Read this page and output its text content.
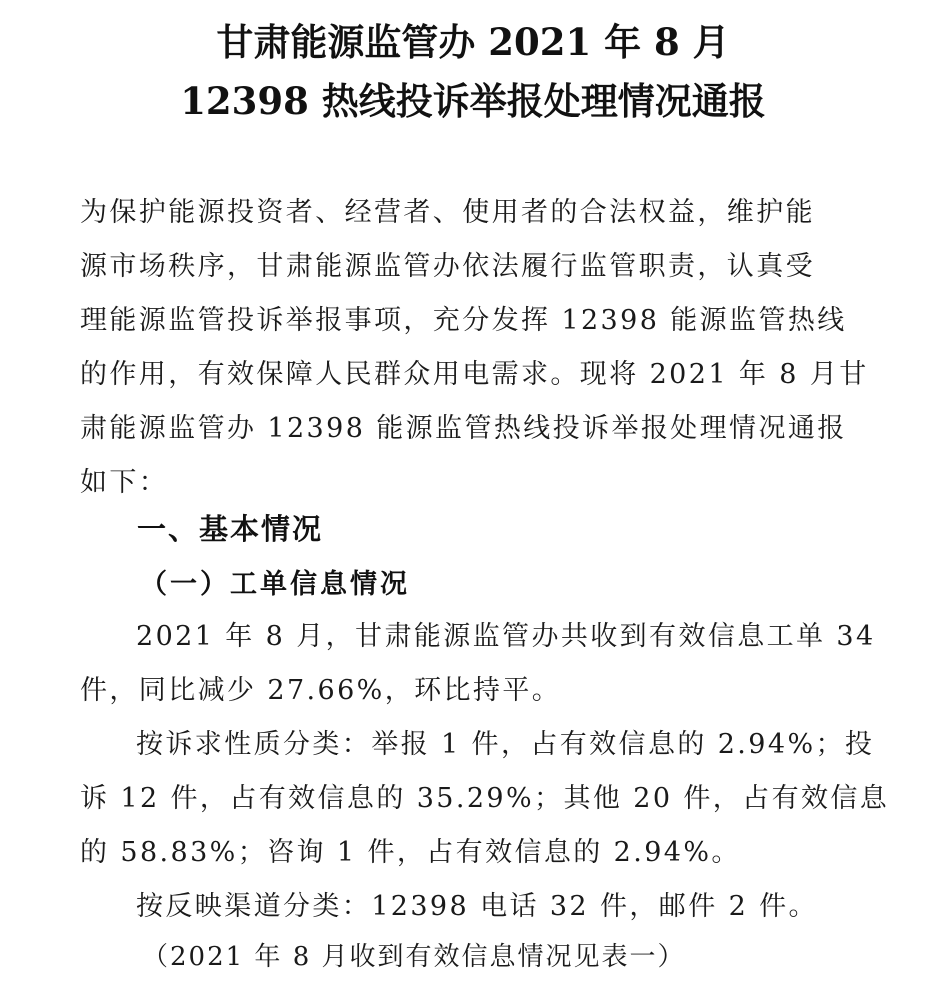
甘肃能源监管办 2021 年 8 月
12398 热线投诉举报处理情况通报
为保护能源投资者、经营者、使用者的合法权益，维护能
源市场秩序，甘肃能源监管办依法履行监管职责，认真受
理能源监管投诉举报事项，充分发挥 12398 能源监管热线
的作用，有效保障人民群众用电需求。现将 2021 年 8 月甘
肃能源监管办 12398 能源监管热线投诉举报处理情况通报
如下：
一、基本情况
（一）工单信息情况
2021 年 8 月，甘肃能源监管办共收到有效信息工单 34
件，同比减少 27.66%，环比持平。
按诉求性质分类：举报 1 件，占有效信息的 2.94%；投
诉 12 件，占有效信息的 35.29%；其他 20 件，占有效信息
的 58.83%；咨询 1 件，占有效信息的 2.94%。
按反映渠道分类：12398 电话 32 件，邮件 2 件。
（2021 年 8 月收到有效信息情况见表一）
